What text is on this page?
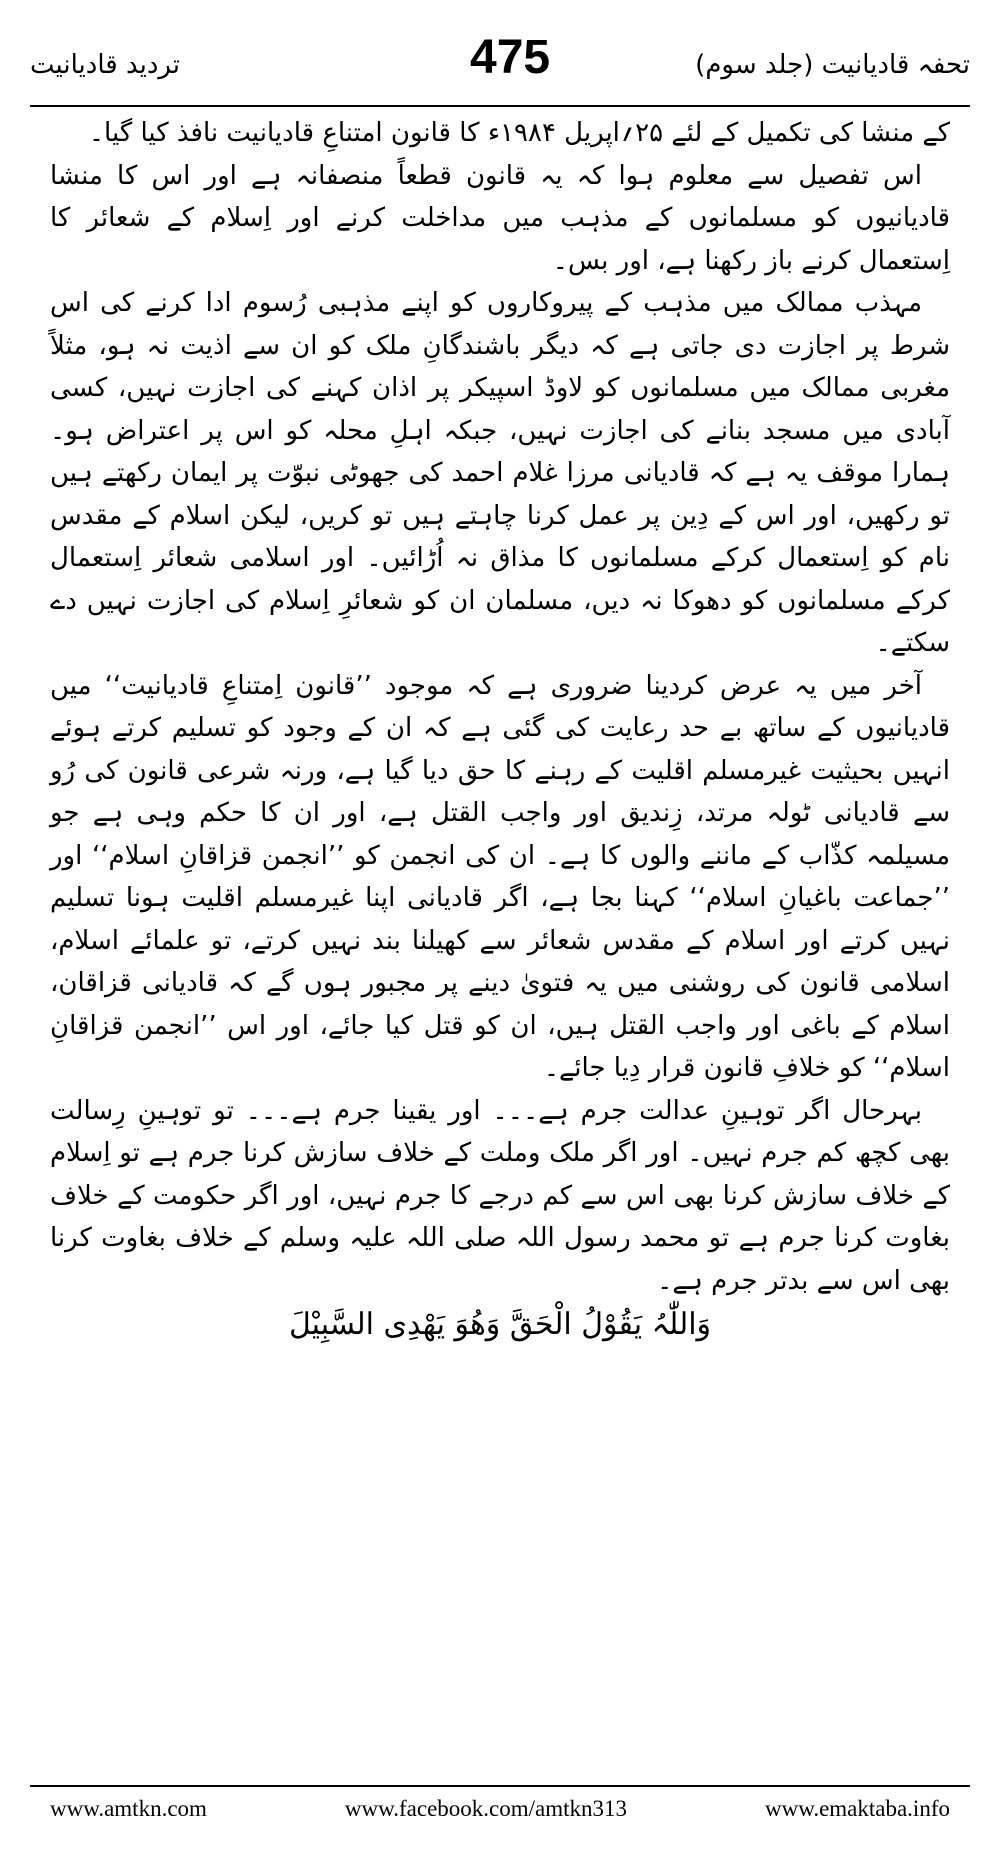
تردید قادیانیت	475	تحفہ قادیانیت (جلد سوم)

کے منشا کی تکمیل کے لئے ۲۵؍اپریل ۱۹۸۴ء کا قانون امتناعِ قادیانیت نافذ کیا گیا۔

اس تفصیل سے معلوم ہوا کہ یہ قانون قطعاً منصفانہ ہے اور اس کا منشا قادیانیوں کو مسلمانوں کے مذہب میں مداخلت کرنے اور اِسلام کے شعائر کا اِستعمال کرنے باز رکھنا ہے، اور بس۔

مہذب ممالک میں مذہب کے پیروکاروں کو اپنے مذہبی رُسوم ادا کرنے کی اس شرط پر اجازت دی جاتی ہے کہ دیگر باشندگانِ ملک کو ان سے اذیت نہ ہو، مثلاً مغربی ممالک میں مسلمانوں کو لاوڈ اسپیکر پر اذان کہنے کی اجازت نہیں، کسی آبادی میں مسجد بنانے کی اجازت نہیں، جبکہ اہلِ محلہ کو اس پر اعتراض ہو۔ ہمارا موقف یہ ہے کہ قادیانی مرزا غلام احمد کی جھوٹی نبوّت پر ایمان رکھتے ہیں تو رکھیں، اور اس کے دِین پر عمل کرنا چاہتے ہیں تو کریں، لیکن اسلام کے مقدس نام کو اِستعمال کرکے مسلمانوں کا مذاق نہ اُڑائیں۔ اور اسلامی شعائر اِستعمال کرکے مسلمانوں کو دھوکا نہ دیں، مسلمان ان کو شعائرِ اِسلام کی اجازت نہیں دے سکتے۔

آخر میں یہ عرض کردینا ضروری ہے کہ موجود ’’قانون اِمتناعِ قادیانیت‘‘ میں قادیانیوں کے ساتھ بے حد رعایت کی گئی ہے کہ ان کے وجود کو تسلیم کرتے ہوئے انہیں بحیثیت غیرمسلم اقلیت کے رہنے کا حق دیا گیا ہے، ورنہ شرعی قانون کی رُو سے قادیانی ٹولہ مرتد، زِندیق اور واجب القتل ہے، اور ان کا حکم وہی ہے جو مسیلمہ کذّاب کے ماننے والوں کا ہے۔ ان کی انجمن کو ’’انجمن قزاقانِ اسلام‘‘ اور ’’جماعت باغیانِ اسلام‘‘ کہنا بجا ہے، اگر قادیانی اپنا غیرمسلم اقلیت ہونا تسلیم نہیں کرتے اور اسلام کے مقدس شعائر سے کھیلنا بند نہیں کرتے، تو علمائے اسلام، اسلامی قانون کی روشنی میں یہ فتویٰ دینے پر مجبور ہوں گے کہ قادیانی قزاقان، اسلام کے باغی اور واجب القتل ہیں، ان کو قتل کیا جائے، اور اس ’’انجمن قزاقانِ اسلام‘‘ کو خلافِ قانون قرار دِیا جائے۔

بہرحال اگر توہینِ عدالت جرم ہے۔۔۔ اور یقینا جرم ہے۔۔۔ تو توہینِ رِسالت بھی کچھ کم جرم نہیں۔ اور اگر ملک وملت کے خلاف سازش کرنا جرم ہے تو اِسلام کے خلاف سازش کرنا بھی اس سے کم درجے کا جرم نہیں، اور اگر حکومت کے خلاف بغاوت کرنا جرم ہے تو محمد رسول اللہ صلی اللہ علیہ وسلم کے خلاف بغاوت کرنا بھی اس سے بدتر جرم ہے۔

وَاللّٰہُ یَقُوْلُ الْحَقَّ وَھُوَ یَھْدِی السَّبِیْلَ

www.amtkn.com	www.facebook.com/amtkn313	www.emaktaba.info
